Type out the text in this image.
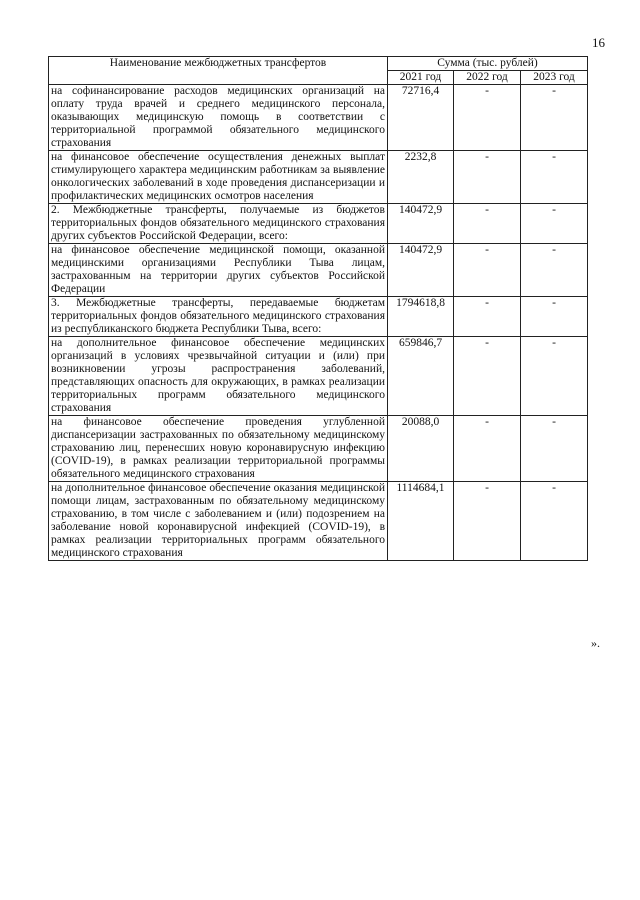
16
Наименование межбюджетных трансфертов	Сумма (тыс. рублей)		
	2021 год	2022 год	2023 год
на софинансирование расходов медицинских организаций на оплату труда врачей и среднего медицинского персонала, оказывающих медицинскую помощь в соответствии с территориальной программой обязательного медицинского страхования	72716,4	-	-
на финансовое обеспечение осуществления денежных выплат стимулирующего характера медицинским работникам за выявление онкологических заболеваний в ходе проведения диспансеризации и профилактических медицинских осмотров населения	2232,8	-	-
2. Межбюджетные трансферты, получаемые из бюджетов территориальных фондов обязательного медицинского страхования других субъектов Российской Федерации, всего:	140472,9	-	-
на финансовое обеспечение медицинской помощи, оказанной медицинскими организациями Республики Тыва лицам, застрахованным на территории других субъектов Российской Федерации	140472,9	-	-
3. Межбюджетные трансферты, передаваемые бюджетам территориальных фондов обязательного медицинского страхования из республиканского бюджета Республики Тыва, всего:	1794618,8	-	-
на дополнительное финансовое обеспечение медицинских организаций в условиях чрезвычайной ситуации и (или) при возникновении угрозы распространения заболеваний, представляющих опасность для окружающих, в рамках реализации территориальных программ обязательного медицинского страхования	659846,7	-	-
на финансовое обеспечение проведения углубленной диспансеризации застрахованных по обязательному медицинскому страхованию лиц, перенесших новую коронавирусную инфекцию (COVID-19), в рамках реализации территориальной программы обязательного медицинского страхования	20088,0	-	-
на дополнительное финансовое обеспечение оказания медицинской помощи лицам, застрахованным по обязательному медицинскому страхованию, в том числе с заболеванием и (или) подозрением на заболевание новой коронавирусной инфекцией (COVID-19), в рамках реализации территориальных программ обязательного медицинского страхования	1114684,1	-	-
».
